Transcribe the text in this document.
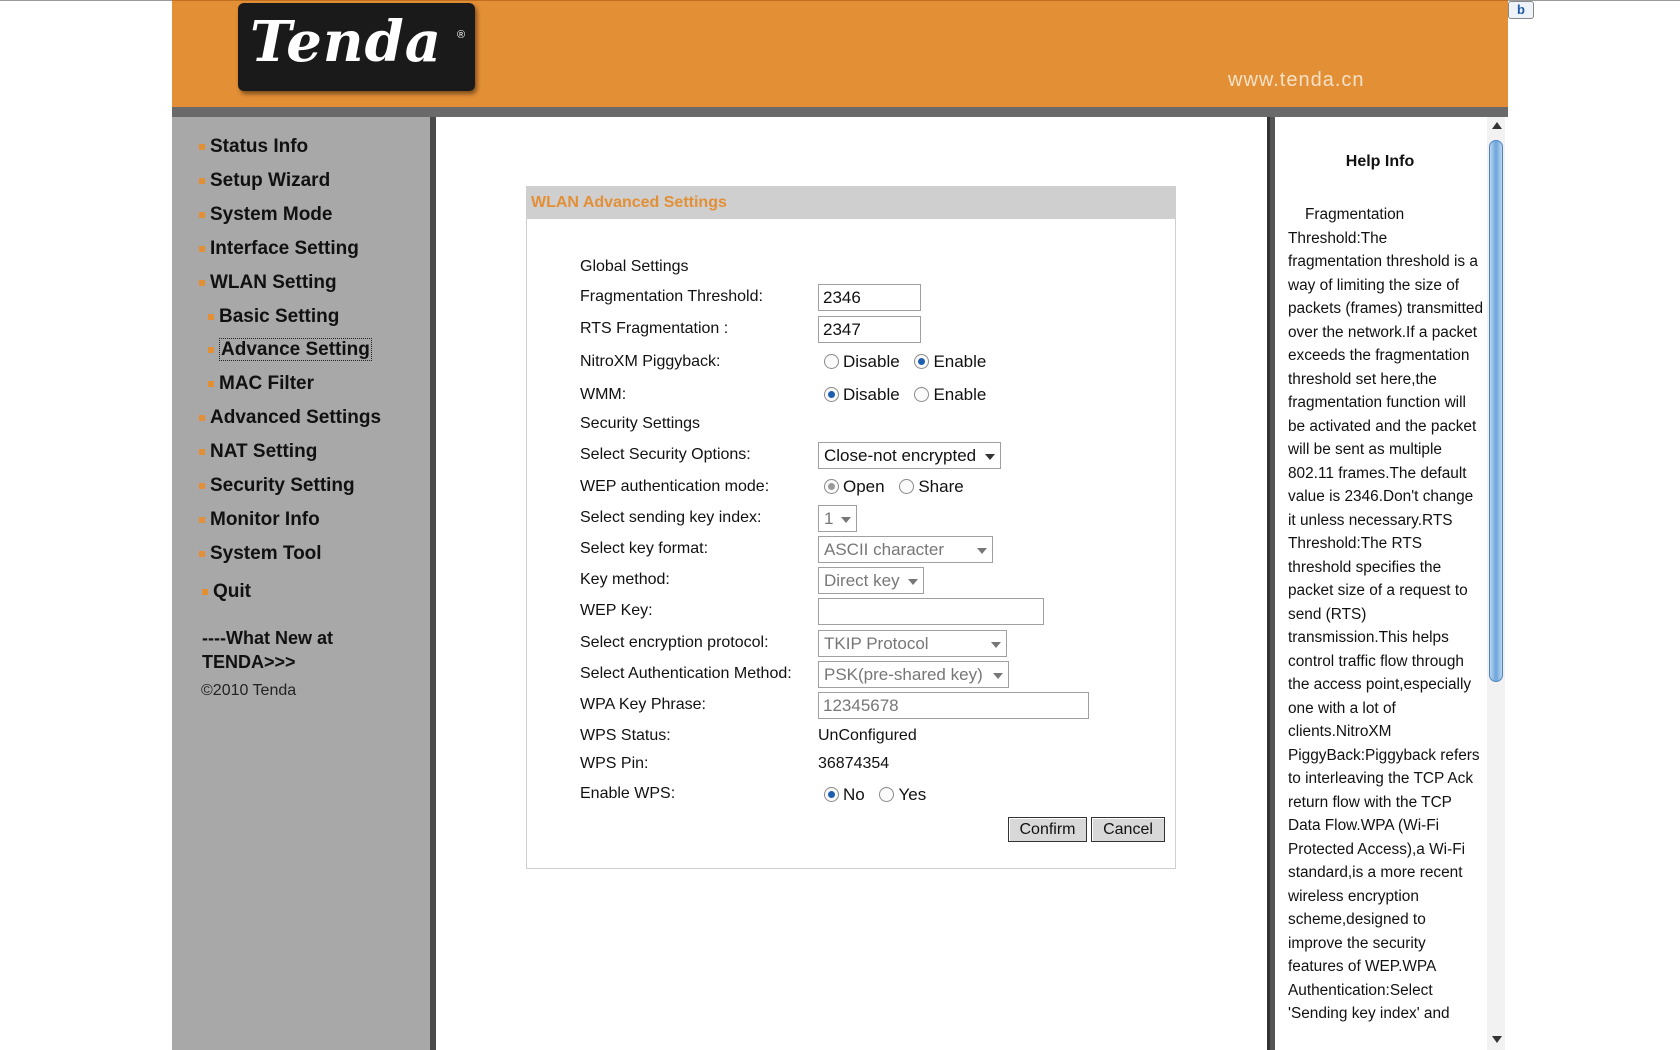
Tenda ®
www.tenda.cn
Status Info
Setup Wizard
System Mode
Interface Setting
WLAN Setting
Basic Setting
Advance Setting
MAC Filter
Advanced Settings
NAT Setting
Security Setting
Monitor Info
System Tool
Quit
----What New at TENDA>>>
©2010 Tenda
WLAN Advanced Settings
Global Settings
Fragmentation Threshold:	2346
RTS Fragmentation :	2347
NitroXM Piggyback:	Disable Enable
WMM:	Disable Enable
Security Settings
Select Security Options:	Close-not encrypted
WEP authentication mode:	Open Share
Select sending key index:	1
Select key format:	ASCII character
Key method:	Direct key
WEP Key:
Select encryption protocol:	TKIP Protocol
Select Authentication Method:	PSK(pre-shared key)
WPA Key Phrase:	12345678
WPS Status:	UnConfigured
WPS Pin:	36874354
Enable WPS:	No Yes
Confirm	Cancel
Help Info
Fragmentation Threshold:The fragmentation threshold is a way of limiting the size of packets (frames) transmitted over the network.If a packet exceeds the fragmentation threshold set here,the fragmentation function will be activated and the packet will be sent as multiple 802.11 frames.The default value is 2346.Don't change it unless necessary.RTS Threshold:The RTS threshold specifies the packet size of a request to send (RTS) transmission.This helps control traffic flow through the access point,especially one with a lot of clients.NitroXM PiggyBack:Piggyback refers to interleaving the TCP Ack return flow with the TCP Data Flow.WPA (Wi-Fi Protected Access),a Wi-Fi standard,is a more recent wireless encryption scheme,designed to improve the security features of WEP.WPA Authentication:Select 'Sending key index' and
b
